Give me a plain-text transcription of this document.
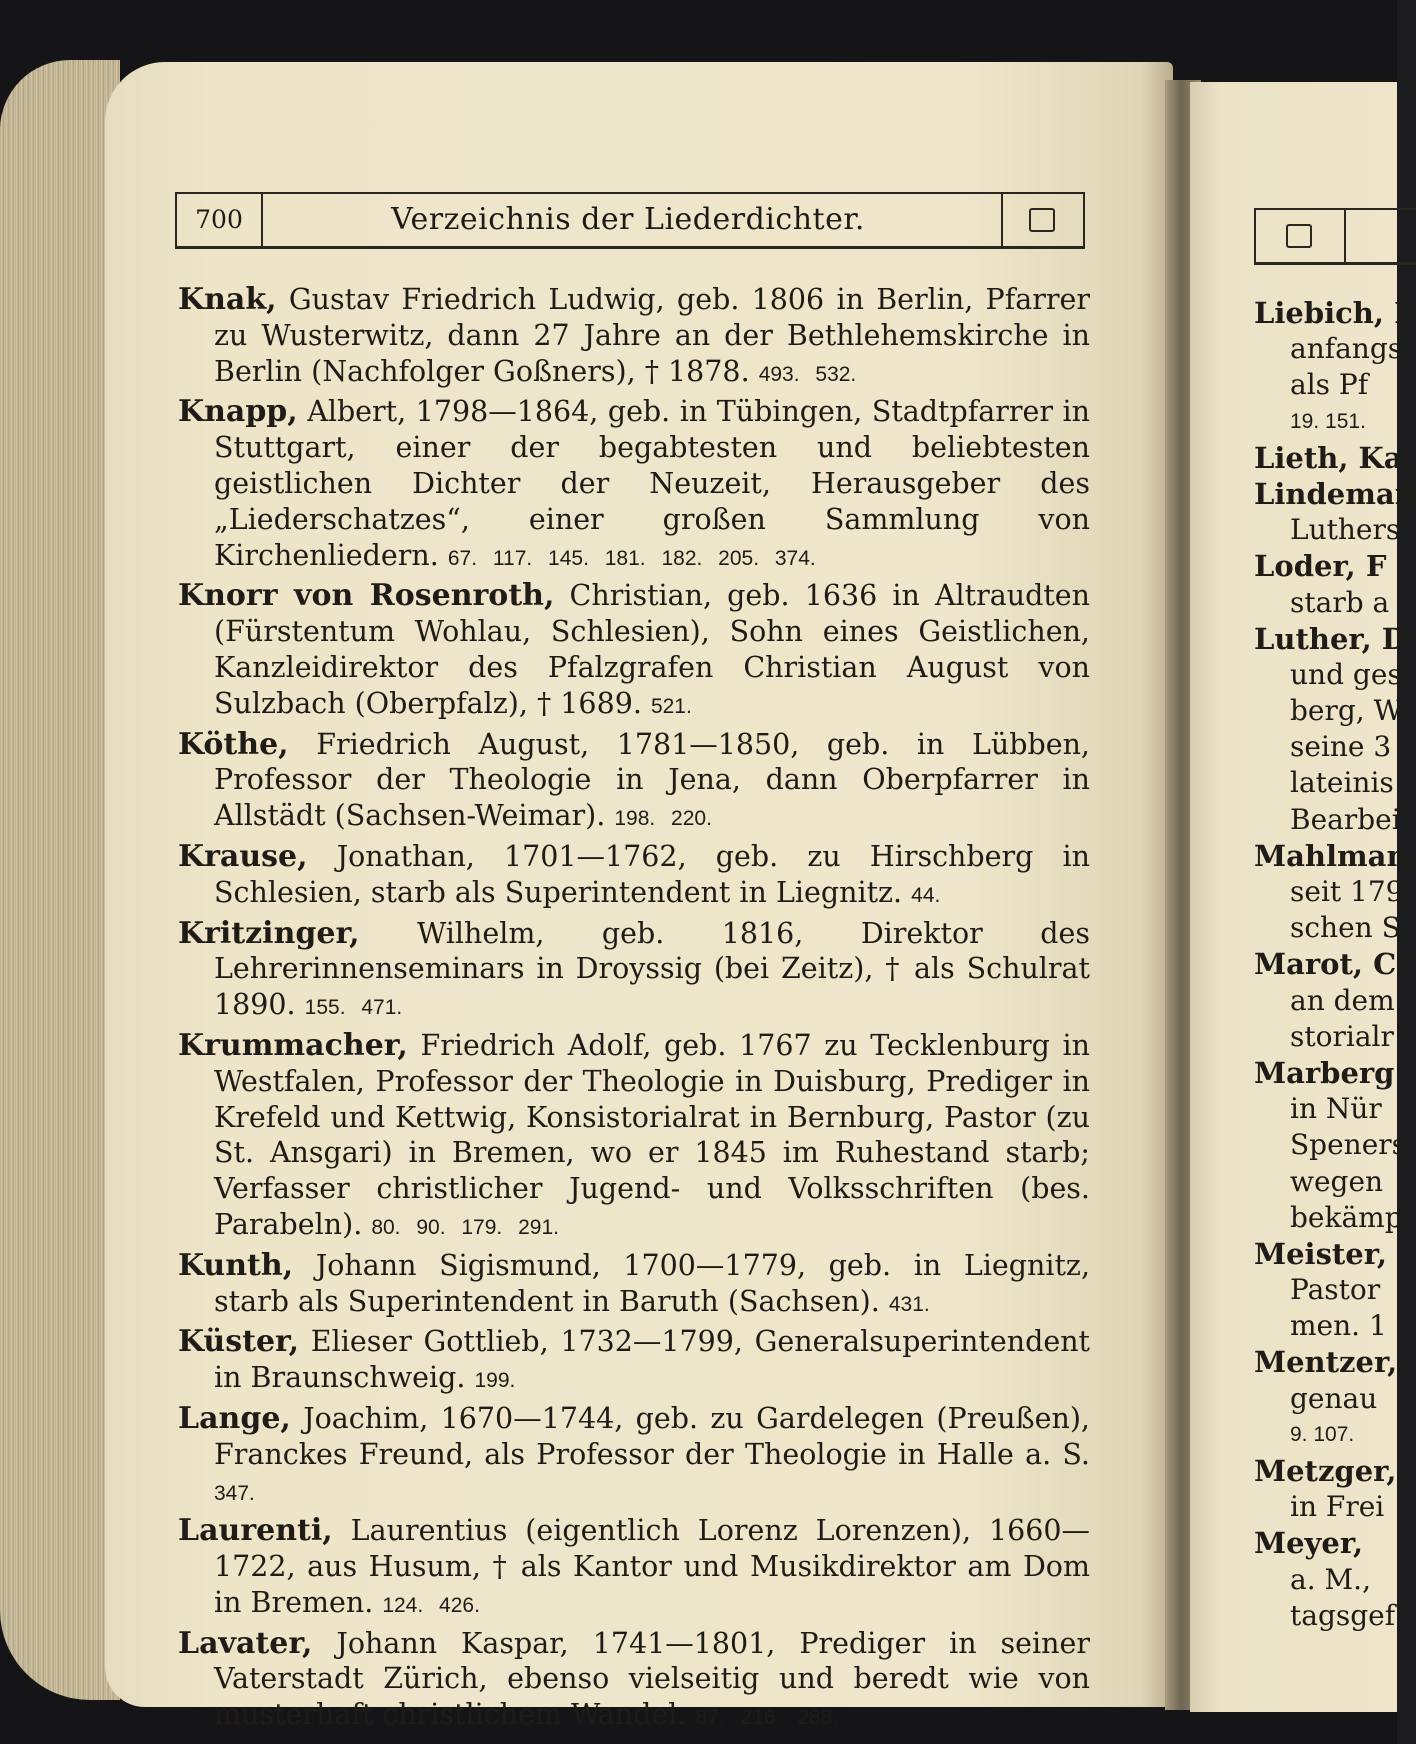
700	Verzeichnis der Liederdichter.

Knak, Gustav Friedrich Ludwig, geb. 1806 in Berlin, Pfarrer zu Wusterwitz, dann 27 Jahre an der Bethlehemskirche in Berlin (Nachfolger Goßners), † 1878. 493. 532.

Knapp, Albert, 1798—1864, geb. in Tübingen, Stadtpfarrer in Stuttgart, einer der begabtesten und beliebtesten geistlichen Dichter der Neuzeit, Herausgeber des „Liederschatzes“, einer großen Sammlung von Kirchenliedern. 67. 117. 145. 181. 182. 205. 374.

Knorr von Rosenroth, Christian, geb. 1636 in Altraudten (Fürstentum Wohlau, Schlesien), Sohn eines Geistlichen, Kanzleidirektor des Pfalzgrafen Christian August von Sulzbach (Oberpfalz), † 1689. 521.

Köthe, Friedrich August, 1781—1850, geb. in Lübben, Professor der Theologie in Jena, dann Oberpfarrer in Allstädt (Sachsen-Weimar). 198. 220.

Krause, Jonathan, 1701—1762, geb. zu Hirschberg in Schlesien, starb als Superintendent in Liegnitz. 44.

Kritzinger, Wilhelm, geb. 1816, Direktor des Lehrerinnenseminars in Droyssig (bei Zeitz), † als Schulrat 1890. 155. 471.

Krummacher, Friedrich Adolf, geb. 1767 zu Tecklenburg in Westfalen, Professor der Theologie in Duisburg, Prediger in Krefeld und Kettwig, Konsistorialrat in Bernburg, Pastor (zu St. Ansgari) in Bremen, wo er 1845 im Ruhestand starb; Verfasser christlicher Jugend- und Volksschriften (bes. Parabeln). 80. 90. 179. 291.

Kunth, Johann Sigismund, 1700—1779, geb. in Liegnitz, starb als Superintendent in Baruth (Sachsen). 431.

Küster, Elieser Gottlieb, 1732—1799, Generalsuperintendent in Braunschweig. 199.

Lange, Joachim, 1670—1744, geb. zu Gardelegen (Preußen), Franckes Freund, als Professor der Theologie in Halle a. S. 347.

Laurenti, Laurentius (eigentlich Lorenz Lorenzen), 1660—1722, aus Husum, † als Kantor und Musikdirektor am Dom in Bremen. 124. 426.

Lavater, Johann Kaspar, 1741—1801, Prediger in seiner Vaterstadt Zürich, ebenso vielseitig und beredt wie von musterhaft christlichem Wandel. 87. 216. 288.

Liebich, E
anfangs
als Pf
19. 151.
Lieth, Ka
Lindeman
Luthers
Loder, F
starb a
Luther, D
und ges
berg, W
seine 3
lateinis
Bearbei
Mahlman
seit 179
schen S
Marot, C
an dem
storialr
Marberg
in Nür
Speners
wegen
bekämp
Meister,
Pastor
men. 1
Mentzer,
genau
9. 107.
Metzger,
in Frei
Meyer,
a. M.,
tagsgef
